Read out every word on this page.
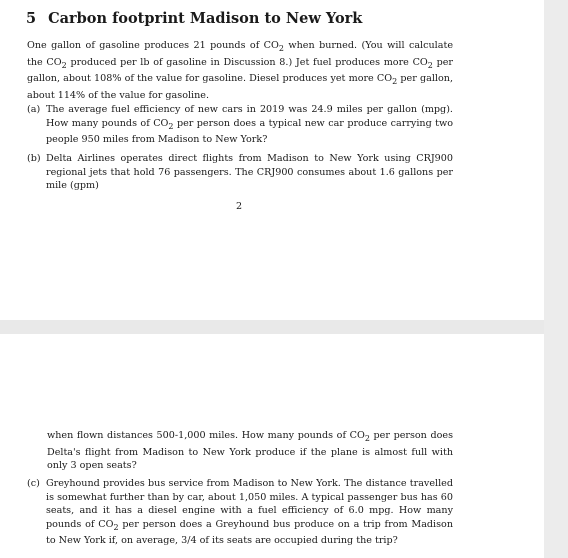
5 Carbon footprint Madison to New York

One gallon of gasoline produces 21 pounds of $CO_2$ when burned. (You will calculate the $CO_2$ produced per lb of gasoline in Discussion 8.) Jet fuel produces more $CO_2$ per gallon, about 108% of the value for gasoline. Diesel produces yet more $CO_2$ per gallon, about 114% of the value for gasoline.

(a) The average fuel efficiency of new cars in 2019 was 24.9 miles per gallon (mpg). How many pounds of $CO_2$ per person does a typical new car produce carrying two people 950 miles from Madison to New York?
(b) Delta Airlines operates direct flights from Madison to New York using CRJ900 regional jets that hold 76 passengers. The CRJ900 consumes about 1.6 gallons per mile (gpm)
2

when flown distances 500-1,000 miles. How many pounds of $CO_2$ per person does Delta's flight from Madison to New York produce if the plane is almost full with only 3 open seats?

(c) Greyhound provides bus service from Madison to New York. The distance travelled is somewhat further than by car, about 1,050 miles. A typical passenger bus has 60 seats, and it has a diesel engine with a fuel efficiency of 6.0 mpg. How many pounds of $CO_2$ per person does a Greyhound bus produce on a trip from Madison to New York if, on average, 3/4 of its seats are occupied during the trip?
